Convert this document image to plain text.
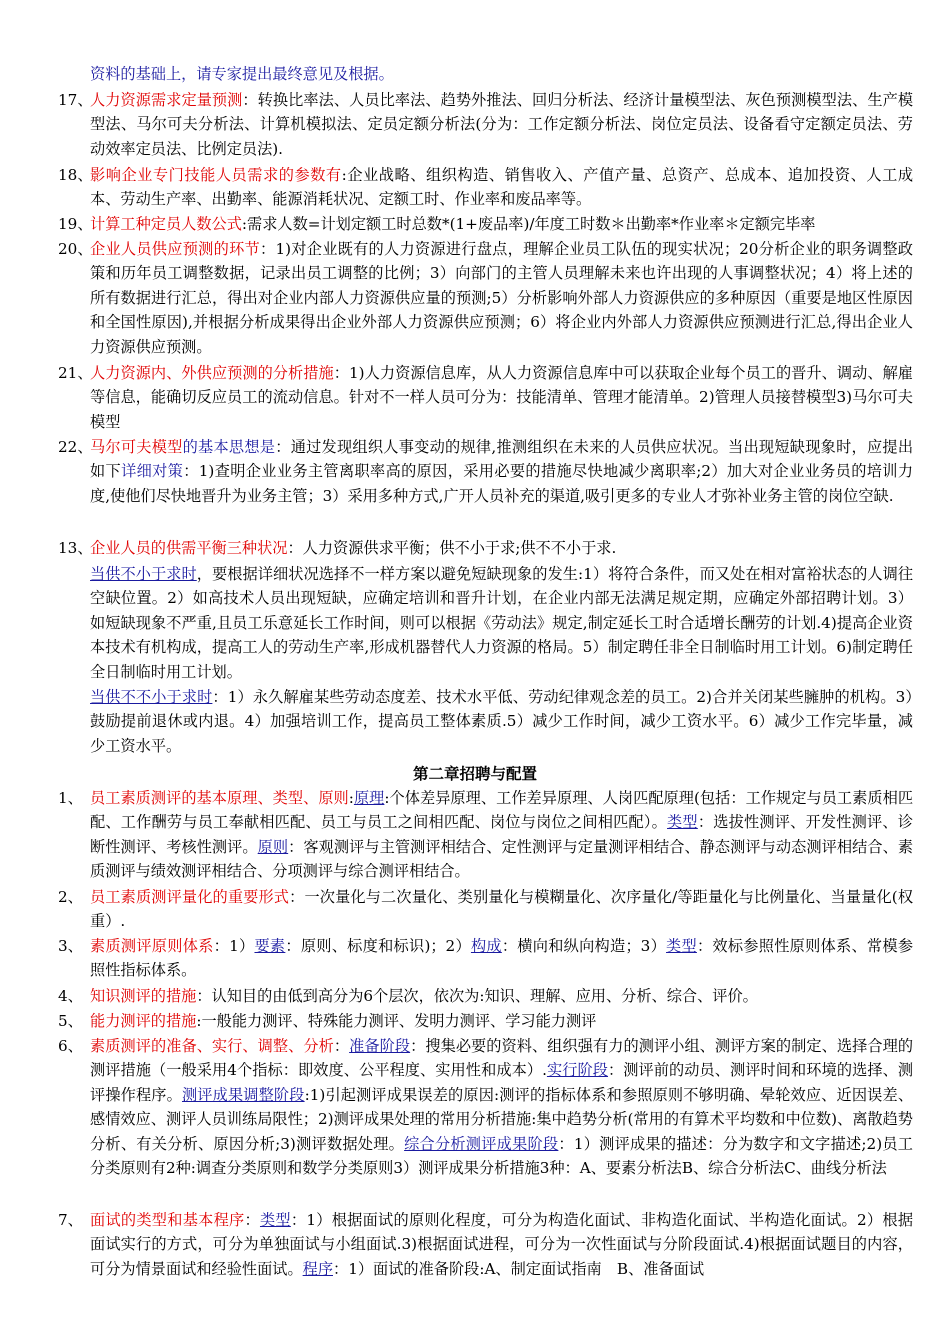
资料的基础上，请专家提出最终意见及根据。
17、
人力资源需求定量预测：转换比率法、人员比率法、趋势外推法、回归分析法、经济计量模型法、灰色预测模型法、生产模型法、马尔可夫分析法、计算机模拟法、定员定额分析法(分为：工作定额分析法、岗位定员法、设备看守定额定员法、劳动效率定员法、比例定员法).
18、
影响企业专门技能人员需求的参数有:企业战略、组织构造、销售收入、产值产量、总资产、总成本、追加投资、人工成本、劳动生产率、出勤率、能源消耗状况、定额工时、作业率和废品率等。
19、
计算工种定员人数公式:需求人数=计划定额工时总数*(1+废品率)/年度工时数＊出勤率*作业率＊定额完毕率
20、
企业人员供应预测的环节：1)对企业既有的人力资源进行盘点，理解企业员工队伍的现实状况；20分析企业的职务调整政策和历年员工调整数据，记录出员工调整的比例；3）向部门的主管人员理解未来也许出现的人事调整状况；4）将上述的所有数据进行汇总，得出对企业内部人力资源供应量的预测;5）分析影响外部人力资源供应的多种原因（重要是地区性原因和全国性原因),并根据分析成果得出企业外部人力资源供应预测；6）将企业内外部人力资源供应预测进行汇总,得出企业人力资源供应预测。
21、
人力资源内、外供应预测的分析措施：1)人力资源信息库，从人力资源信息库中可以获取企业每个员工的晋升、调动、解雇等信息，能确切反应员工的流动信息。针对不一样人员可分为：技能清单、管理才能清单。2)管理人员接替模型3)马尔可夫模型
22、
马尔可夫模型的基本思想是：通过发现组织人事变动的规律,推测组织在未来的人员供应状况。当出现短缺现象时，应提出如下详细对策：1)查明企业业务主管离职率高的原因，采用必要的措施尽快地减少离职率;2）加大对企业业务员的培训力度,使他们尽快地晋升为业务主管；3）采用多种方式,广开人员补充的渠道,吸引更多的专业人才弥补业务主管的岗位空缺.
13、
企业人员的供需平衡三种状况：人力资源供求平衡；供不小于求;供不不小于求.
当供不小于求时，要根据详细状况选择不一样方案以避免短缺现象的发生:1）将符合条件，而又处在相对富裕状态的人调往空缺位置。2）如高技术人员出现短缺，应确定培训和晋升计划，在企业内部无法满足规定期，应确定外部招聘计划。3）如短缺现象不严重,且员工乐意延长工作时间，则可以根据《劳动法》规定,制定延长工时合适增长酬劳的计划.4)提高企业资本技术有机构成，提高工人的劳动生产率,形成机器替代人力资源的格局。5）制定聘任非全日制临时用工计划。6)制定聘任全日制临时用工计划。
当供不不小于求时：1）永久解雇某些劳动态度差、技术水平低、劳动纪律观念差的员工。2)合并关闭某些臃肿的机构。3）鼓励提前退休或内退。4）加强培训工作，提高员工整体素质.5）减少工作时间，减少工资水平。6）减少工作完毕量，减少工资水平。
第二章招聘与配置
1、 员工素质测评的基本原理、类型、原则:原理:个体差异原理、工作差异原理、人岗匹配原理(包括：工作规定与员工素质相匹配、工作酬劳与员工奉献相匹配、员工与员工之间相匹配、岗位与岗位之间相匹配）。类型：选拔性测评、开发性测评、诊断性测评、考核性测评。原则：客观测评与主管测评相结合、定性测评与定量测评相结合、静态测评与动态测评相结合、素质测评与绩效测评相结合、分项测评与综合测评相结合。
2、 员工素质测评量化的重要形式：一次量化与二次量化、类别量化与模糊量化、次序量化/等距量化与比例量化、当量量化(权重）.
3、 素质测评原则体系：1）要素：原则、标度和标识)；2）构成：横向和纵向构造；3）类型：效标参照性原则体系、常模参照性指标体系。
4、 知识测评的措施：认知目的由低到高分为6个层次，依次为:知识、理解、应用、分析、综合、评价。
5、 能力测评的措施:一般能力测评、特殊能力测评、发明力测评、学习能力测评
6、 素质测评的准备、实行、调整、分析：准备阶段：搜集必要的资料、组织强有力的测评小组、测评方案的制定、选择合理的测评措施（一般采用4个指标：即效度、公平程度、实用性和成本）.实行阶段：测评前的动员、测评时间和环境的选择、测评操作程序。测评成果调整阶段:1)引起测评成果误差的原因:测评的指标体系和参照原则不够明确、晕轮效应、近因误差、感情效应、测评人员训练局限性；2)测评成果处理的常用分析措施:集中趋势分析(常用的有算术平均数和中位数)、离散趋势分析、有关分析、原因分析;3)测评数据处理。综合分析测评成果阶段：1）测评成果的描述：分为数字和文字描述;2)员工分类原则有2种:调查分类原则和数学分类原则3）测评成果分析措施3种：A、要素分析法B、综合分析法C、曲线分析法
7、 面试的类型和基本程序：类型：1）根据面试的原则化程度，可分为构造化面试、非构造化面试、半构造化面试。2）根据面试实行的方式，可分为单独面试与小组面试.3)根据面试进程，可分为一次性面试与分阶段面试.4)根据面试题目的内容，可分为情景面试和经验性面试。程序：1）面试的准备阶段:A、制定面试指南　B、准备面试
